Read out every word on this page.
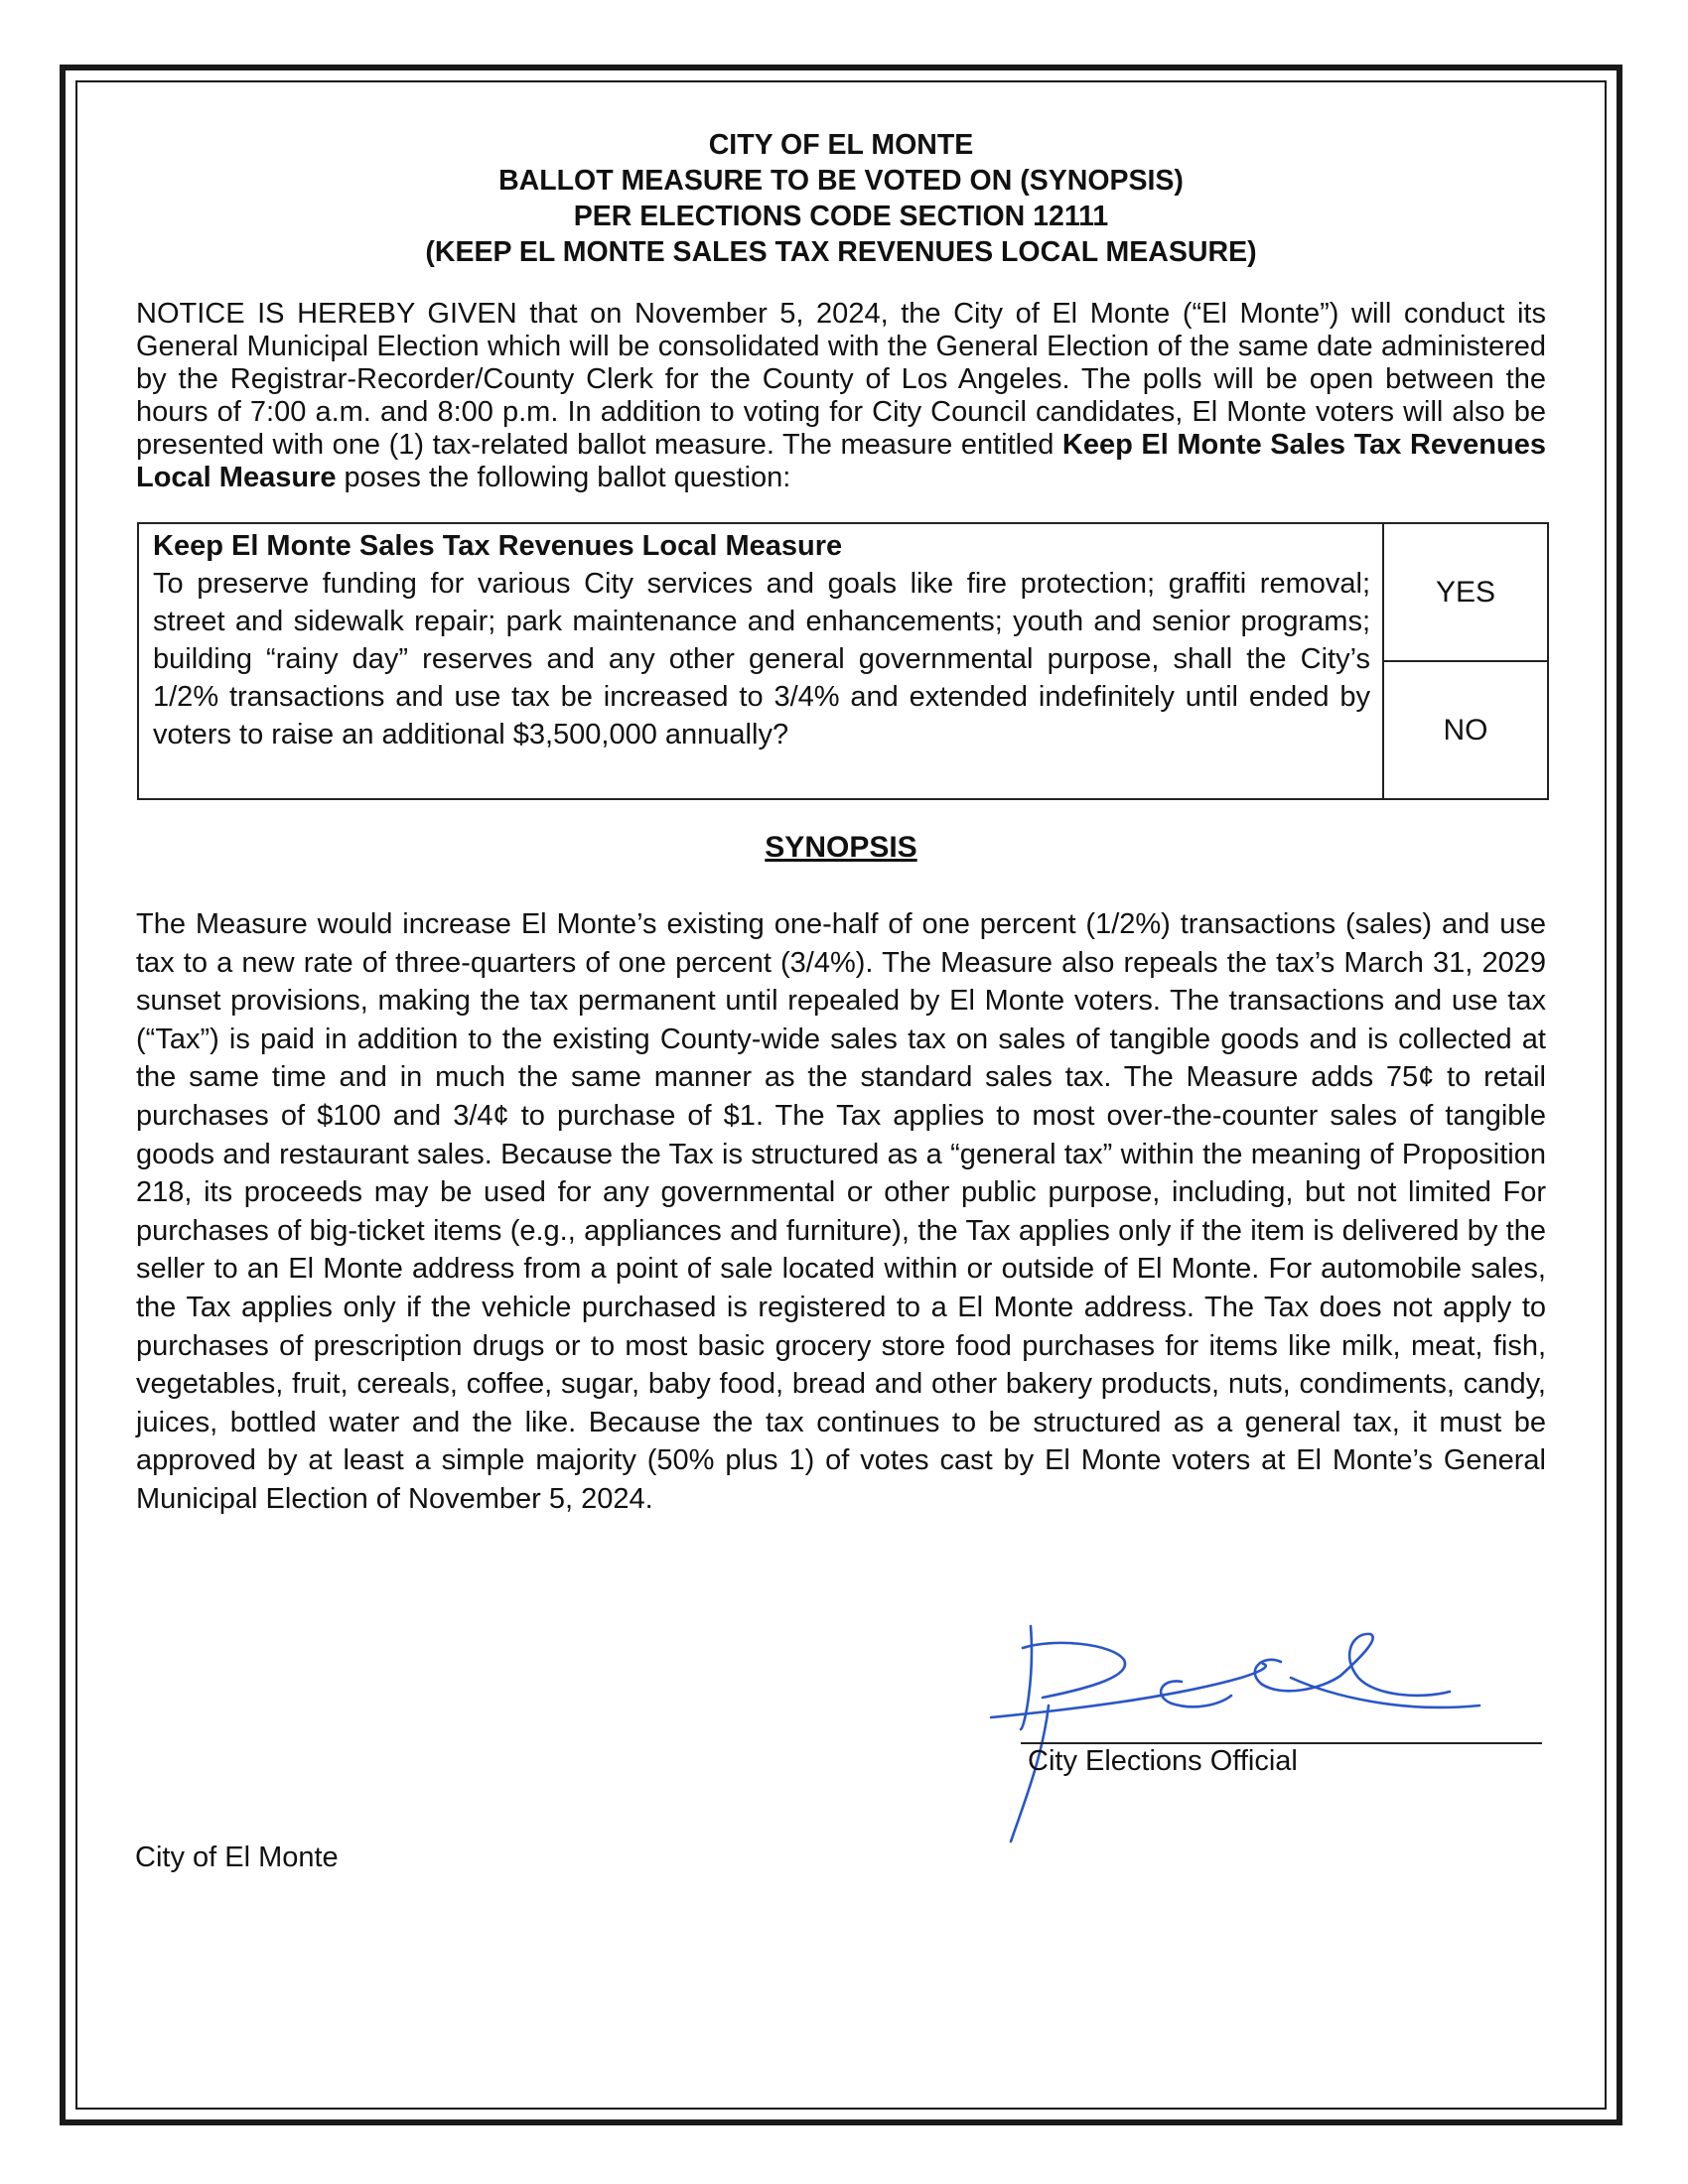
CITY OF EL MONTE

BALLOT MEASURE TO BE VOTED ON (SYNOPSIS)

PER ELECTIONS CODE SECTION 12111

(KEEP EL MONTE SALES TAX REVENUES LOCAL MEASURE)

NOTICE IS HEREBY GIVEN that on November 5, 2024, the City of El Monte (“El Monte”) will conduct its General Municipal Election which will be consolidated with the General Election of the same date administered by the Registrar-Recorder/County Clerk for the County of Los Angeles. The polls will be open between the hours of 7:00 a.m. and 8:00 p.m. In addition to voting for City Council candidates, El Monte voters will also be presented with one (1) tax-related ballot measure. The measure entitled Keep El Monte Sales Tax Revenues Local Measure poses the following ballot question:
Keep El Monte Sales Tax Revenues Local Measure
To preserve funding for various City services and goals like fire protection; graffiti removal; street and sidewalk repair; park maintenance and enhancements; youth and senior programs; building “rainy day” reserves and any other general governmental purpose, shall the City’s 1/2% transactions and use tax be increased to 3/4% and extended indefinitely until ended by voters to raise an additional $3,500,000 annually?	YES
NO
SYNOPSIS
The Measure would increase El Monte’s existing one-half of one percent (1/2%) transactions (sales) and use tax to a new rate of three-quarters of one percent (3/4%). The Measure also repeals the tax’s March 31, 2029 sunset provisions, making the tax permanent until repealed by El Monte voters. The transactions and use tax (“Tax”) is paid in addition to the existing County-wide sales tax on sales of tangible goods and is collected at the same time and in much the same manner as the standard sales tax. The Measure adds 75¢ to retail purchases of $100 and 3/4¢ to purchase of $1. The Tax applies to most over-the-counter sales of tangible goods and restaurant sales. Because the Tax is structured as a “general tax” within the meaning of Proposition 218, its proceeds may be used for any governmental or other public purpose, including, but not limited For purchases of big-ticket items (e.g., appliances and furniture), the Tax applies only if the item is delivered by the seller to an El Monte address from a point of sale located within or outside of El Monte. For automobile sales, the Tax applies only if the vehicle purchased is registered to a El Monte address. The Tax does not apply to purchases of prescription drugs or to most basic grocery store food purchases for items like milk, meat, fish, vegetables, fruit, cereals, coffee, sugar, baby food, bread and other bakery products, nuts, condiments, candy, juices, bottled water and the like. Because the tax continues to be structured as a general tax, it must be approved by at least a simple majority (50% plus 1) of votes cast by El Monte voters at El Monte’s General Municipal Election of November 5, 2024.
City Elections Official
City of El Monte
